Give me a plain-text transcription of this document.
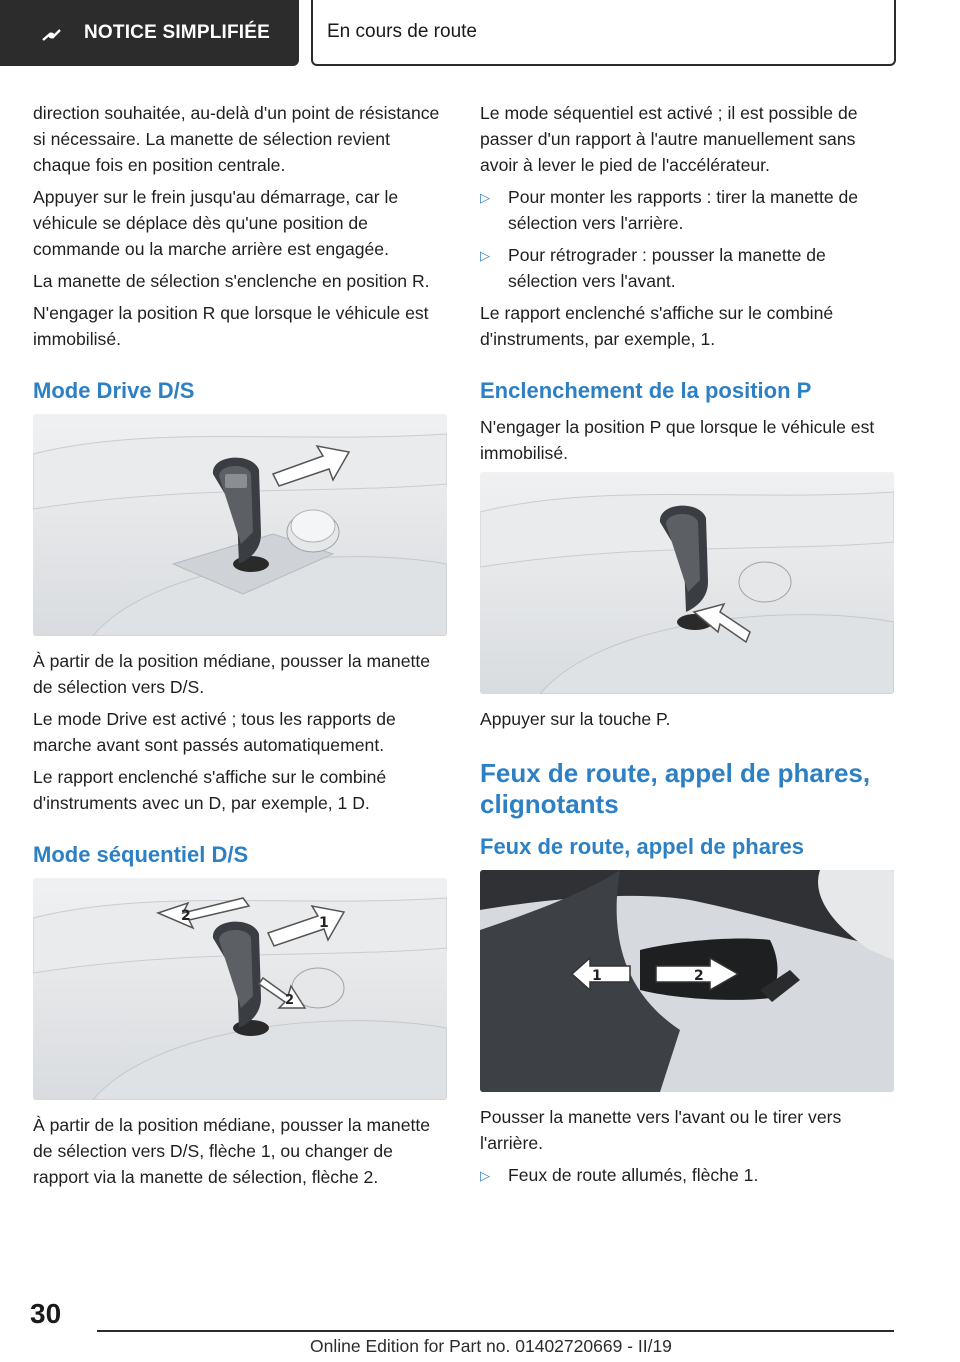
NOTICE SIMPLIFIÉE	En cours de route

direction souhaitée, au-delà d'un point de résistance si nécessaire. La manette de sélection revient chaque fois en position centrale.

Appuyer sur le frein jusqu'au démarrage, car le véhicule se déplace dès qu'une position de commande ou la marche arrière est engagée.

La manette de sélection s'enclenche en position R.

N'engager la position R que lorsque le véhicule est immobilisé.

Mode Drive D/S

À partir de la position médiane, pousser la manette de sélection vers D/S.

Le mode Drive est activé ; tous les rapports de marche avant sont passés automatiquement.

Le rapport enclenché s'affiche sur le combiné d'instruments avec un D, par exemple, 1 D.

Mode séquentiel D/S
1
2
2

À partir de la position médiane, pousser la manette de sélection vers D/S, flèche 1, ou changer de rapport via la manette de sélection, flèche 2.

Le mode séquentiel est activé ; il est possible de passer d'un rapport à l'autre manuellement sans avoir à lever le pied de l'accélérateur.

▷	Pour monter les rapports : tirer la manette de sélection vers l'arrière.
▷	Pour rétrograder : pousser la manette de sélection vers l'avant.

Le rapport enclenché s'affiche sur le combiné d'instruments, par exemple, 1.

Enclenchement de la position P

N'engager la position P que lorsque le véhicule est immobilisé.

Appuyer sur la touche P.

Feux de route, appel de phares, clignotants
Feux de route, appel de phares
2
1

Pousser la manette vers l'avant ou le tirer vers l'arrière.

▷	Feux de route allumés, flèche 1.
30
Online Edition for Part no. 01402720669 - II/19
